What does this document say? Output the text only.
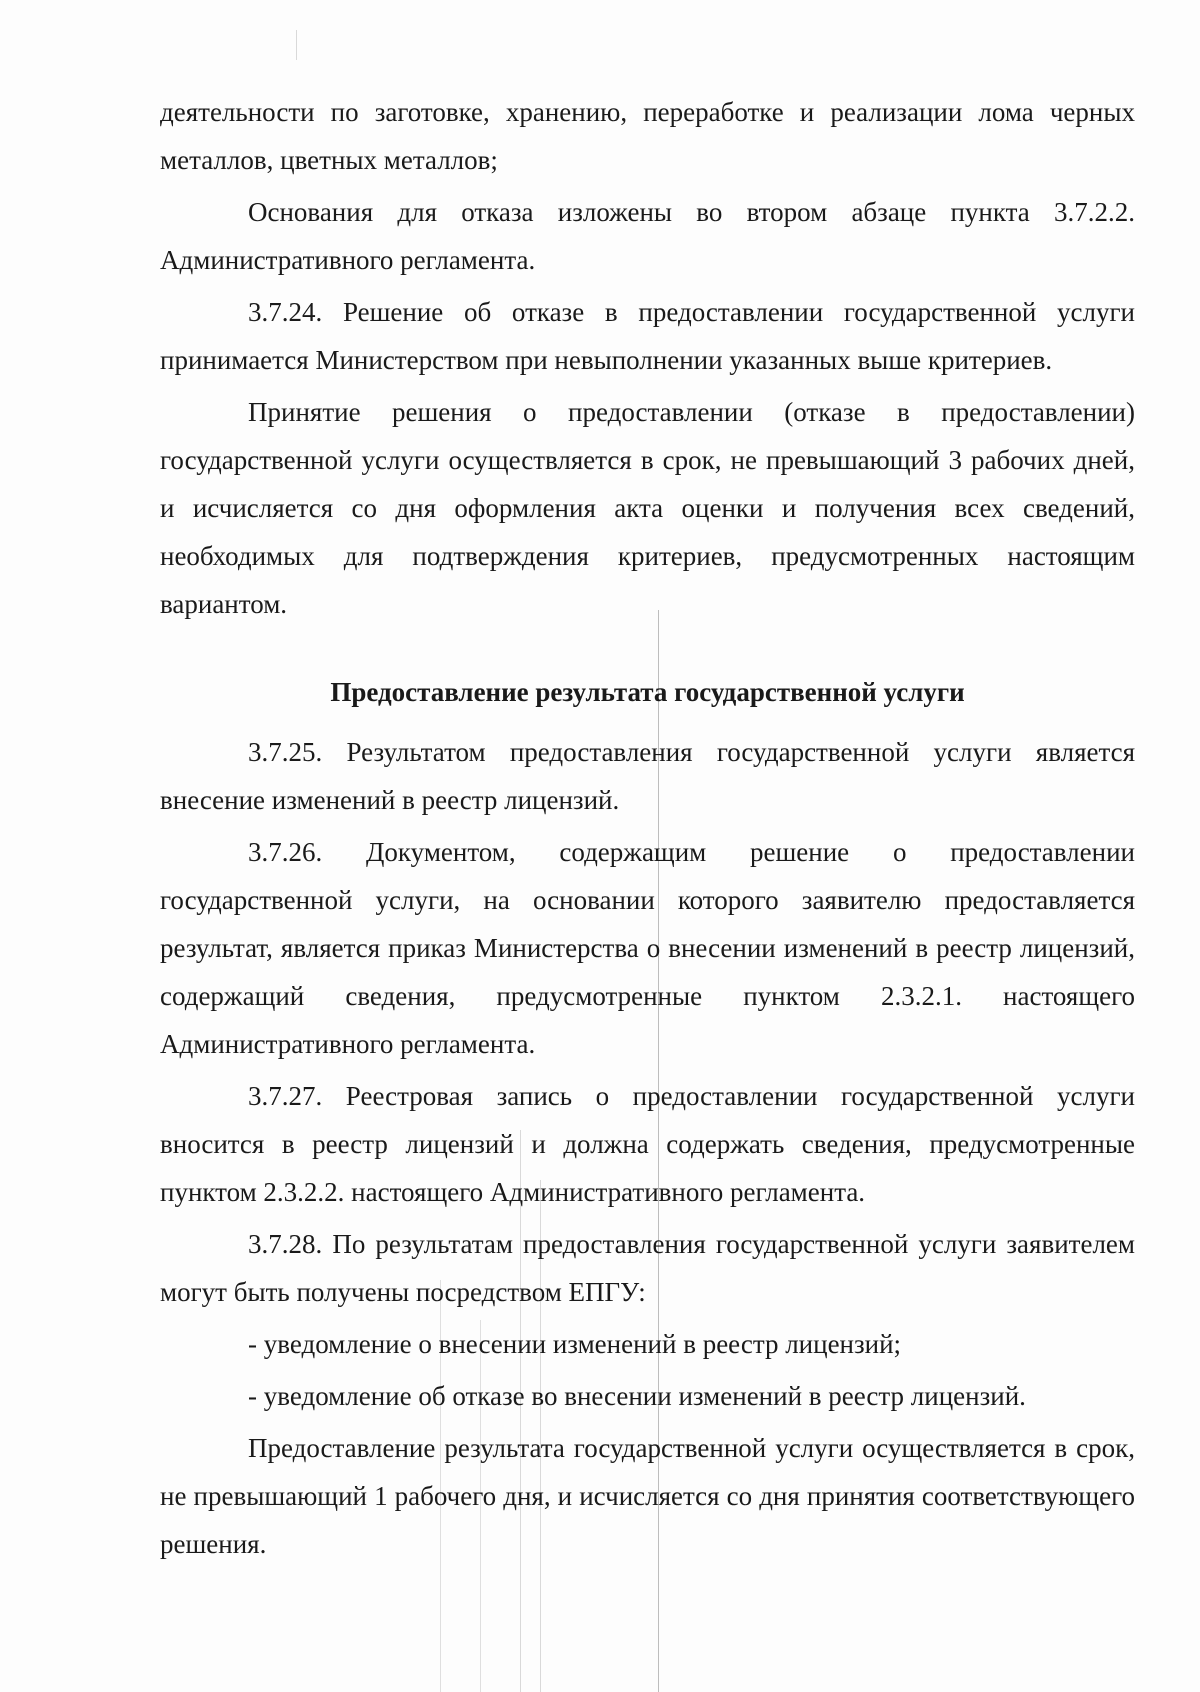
деятельности по заготовке, хранению, переработке и реализации лома черных металлов, цветных металлов;

Основания для отказа изложены во втором абзаце пункта 3.7.2.2. Административного регламента.

3.7.24. Решение об отказе в предоставлении государственной услуги принимается Министерством при невыполнении указанных выше критериев.

Принятие решения о предоставлении (отказе в предоставлении) государственной услуги осуществляется в срок, не превышающий 3 рабочих дней, и исчисляется со дня оформления акта оценки и получения всех сведений, необходимых для подтверждения критериев, предусмотренных настоящим вариантом.

Предоставление результата государственной услуги

3.7.25. Результатом предоставления государственной услуги является внесение изменений в реестр лицензий.

3.7.26. Документом, содержащим решение о предоставлении государственной услуги, на основании которого заявителю предоставляется результат, является приказ Министерства о внесении изменений в реестр лицензий, содержащий сведения, предусмотренные пунктом 2.3.2.1. настоящего Административного регламента.

3.7.27. Реестровая запись о предоставлении государственной услуги вносится в реестр лицензий и должна содержать сведения, предусмотренные пунктом 2.3.2.2. настоящего Административного регламента.

3.7.28. По результатам предоставления государственной услуги заявителем могут быть получены посредством ЕПГУ:

- уведомление о внесении изменений в реестр лицензий;

- уведомление об отказе во внесении изменений в реестр лицензий.

Предоставление результата государственной услуги осуществляется в срок, не превышающий 1 рабочего дня, и исчисляется со дня принятия соответствующего решения.
